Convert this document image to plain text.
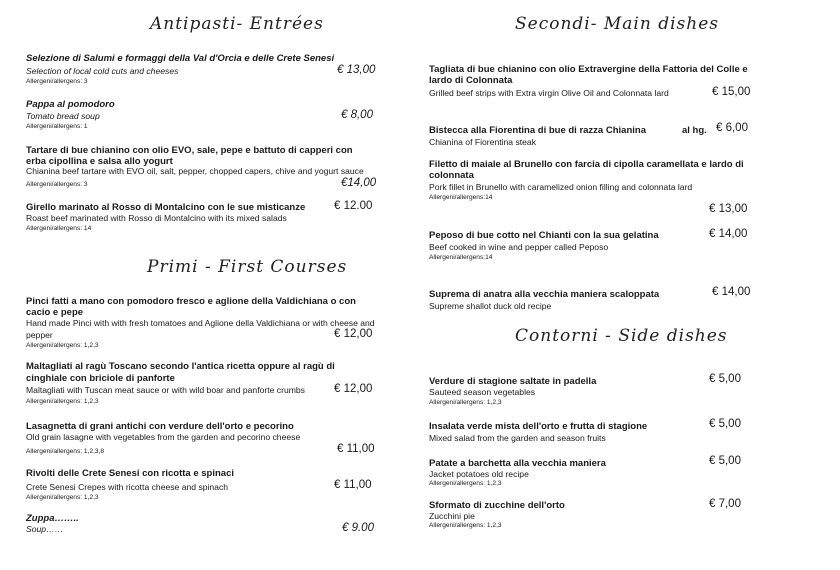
Antipasti- Entrées
Selezione di Salumi e formaggi della Val d'Orcia e delle Crete Senesi
Selection of local cold cuts and cheeses
Allergeni/allergens: 3
€ 13,00
Pappa al pomodoro
Tomato bread soup
Allergeni/allergens: 1
€ 8,00
Tartare di bue chianino con olio EVO, sale, pepe e battuto di capperi con
erba cipollina e salsa allo yogurt
Chianina beef tartare with EVO oil, salt, pepper, chopped capers, chive and yogurt sauce
Allergeni/allergens: 3	€14,00
Girello marinato al Rosso di Montalcino con le sue misticanze
Roast beef marinated with Rosso di Montalcino with its mixed salads
Allergeni/allergens: 14
€ 12.00
Primi - First Courses
Pinci fatti a mano con pomodoro fresco e aglione della Valdichiana o con
cacio e pepe
Hand made Pinci with with fresh tomatoes and Aglione della Valdichiana or with cheese and
pepper
Allergeni/allergens: 1,2,3
€ 12,00
Maltagliati al ragù Toscano secondo l'antica ricetta oppure al ragù di
cinghiale con briciole di panforte
Maltagliati with Tuscan meat sauce or with wild boar and panforte crumbs
Allergeni/allergens: 1,2,3
€ 12,00
Lasagnetta di grani antichi con verdure dell'orto e pecorino
Old grain lasagne with vegetables from the garden and pecorino cheese
Allergeni/allergens: 1,2,3,8	€ 11,00
Rivolti delle Crete Senesi con ricotta e spinaci
Crete Senesi Crepes with ricotta cheese and spinach
Allergeni/allergens: 1,2,3
€ 11,00
Zuppa……..
Soup……	€ 9.00
Secondi- Main dishes
Tagliata di bue chianino con olio Extravergine della Fattoria del Colle e
lardo di Colonnata
Grilled beef strips with Extra virgin Olive Oil and Colonnata lard	€ 15,00
Bistecca alla Fiorentina di bue di razza Chianina	al hg.
Chianina of Fiorentina steak
€ 6,00
Filetto di maiale al Brunello con farcia di cipolla caramellata e lardo di
colonnata
Pork fillet in Brunello with caramelized onion filling and colonnata lard
Allergeni/allergens:14
€ 13,00
Peposo di bue cotto nel Chianti con la sua gelatina
Beef cooked in wine and pepper called Peposo
Allergeni/allergens:14
€ 14,00
Suprema di anatra alla vecchia maniera scaloppata
Supreme shallot duck old recipe
€ 14,00
Contorni - Side dishes
Verdure di stagione saltate in padella
Sauteed season vegetables
Allergeni/allergens: 1,2,3
€ 5,00
Insalata verde mista dell'orto e frutta di stagione
Mixed salad from the garden and season fruits
€ 5,00
Patate a barchetta alla vecchia maniera
Jacket potatoes old recipe
Allergeni/allergens: 1,2,3
€ 5,00
Sformato di zucchine dell'orto
Zucchini pie
Allergeni/allergens: 1,2,3
€ 7,00
